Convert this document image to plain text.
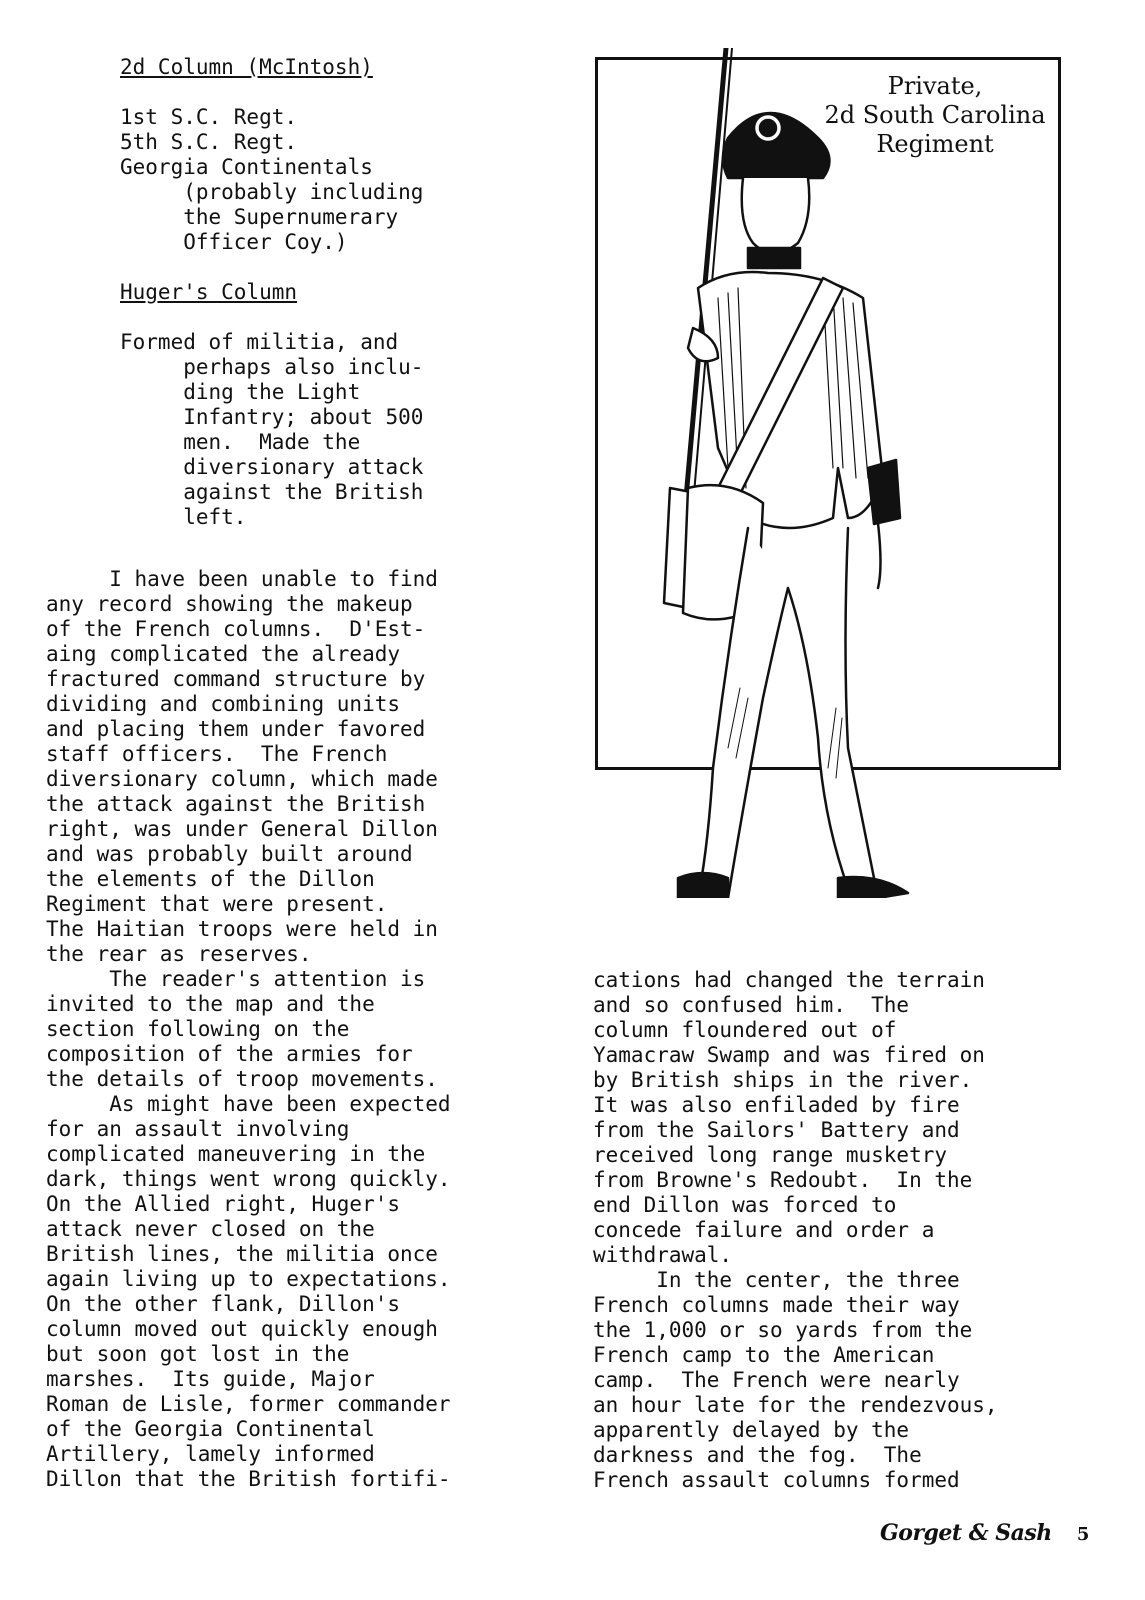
2d Column (McIntosh)
1st S.C. Regt.
5th S.C. Regt.
Georgia Continentals
(probably including
the Supernumerary
Officer Coy.)
Huger's Column
Formed of militia, and
perhaps also inclu-
ding the Light
Infantry; about 500
men.  Made the
diversionary attack
against the British
left.
I have been unable to find
any record showing the makeup
of the French columns.  D'Est-
aing complicated the already
fractured command structure by
dividing and combining units
and placing them under favored
staff officers.  The French
diversionary column, which made
the attack against the British
right, was under General Dillon
and was probably built around
the elements of the Dillon
Regiment that were present.
The Haitian troops were held in
the rear as reserves.
The reader's attention is
invited to the map and the
section following on the
composition of the armies for
the details of troop movements.
As might have been expected
for an assault involving
complicated maneuvering in the
dark, things went wrong quickly.
On the Allied right, Huger's
attack never closed on the
British lines, the militia once
again living up to expectations.
On the other flank, Dillon's
column moved out quickly enough
but soon got lost in the
marshes.  Its guide, Major
Roman de Lisle, former commander
of the Georgia Continental
Artillery, lamely informed
Dillon that the British fortifi-
Private,
2d South Carolina
Regiment
cations had changed the terrain
and so confused him.  The
column floundered out of
Yamacraw Swamp and was fired on
by British ships in the river.
It was also enfiladed by fire
from the Sailors' Battery and
received long range musketry
from Browne's Redoubt.  In the
end Dillon was forced to
concede failure and order a
withdrawal.
In the center, the three
French columns made their way
the 1,000 or so yards from the
French camp to the American
camp.  The French were nearly
an hour late for the rendezvous,
apparently delayed by the
darkness and the fog.  The
French assault columns formed
Gorget & Sash 5
